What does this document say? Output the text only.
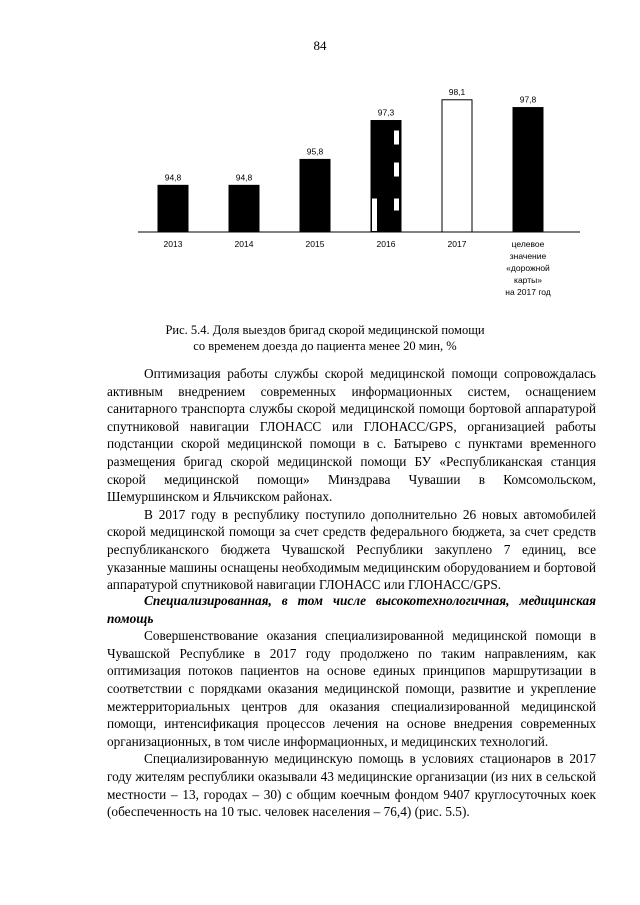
84
94,8
2013
94,8
2014
95,8
2015
97,3
2016
98,1
2017
97,8
целевое
значение
«дорожной
карты»
на 2017 год
Рис. 5.4. Доля выездов бригад скорой медицинской помощи
со временем доезда до пациента менее 20 мин, %

Оптимизация работы службы скорой медицинской помощи сопровождалась активным внедрением современных информационных систем, оснащением санитарного транспорта службы скорой медицинской помощи бортовой аппаратурой спутниковой навигации ГЛОНАСС или ГЛОНАСС/GPS, организацией работы подстанции скорой медицинской помощи в с. Батырево с пунктами временного размещения бригад скорой медицинской помощи БУ «Республиканская станция скорой медицинской помощи» Минздрава Чувашии в Комсомольском, Шемуршинском и Яльчикском районах.

В 2017 году в республику поступило дополнительно 26 новых автомобилей скорой медицинской помощи за счет средств федерального бюджета, за счет средств республиканского бюджета Чувашской Республики закуплено 7 единиц, все указанные машины оснащены необходимым медицинским оборудованием и бортовой аппаратурой спутниковой навигации ГЛОНАСС или ГЛОНАСС/GPS.

Специализированная, в том числе высокотехнологичная, медицинская помощь

Совершенствование оказания специализированной медицинской помощи в Чувашской Республике в 2017 году продолжено по таким направлениям, как оптимизация потоков пациентов на основе единых принципов маршрутизации в соответствии с порядками оказания медицинской помощи, развитие и укрепление межтерриториальных центров для оказания специализированной медицинской помощи, интенсификация процессов лечения на основе внедрения современных организационных, в том числе информационных, и медицинских технологий.

Специализированную медицинскую помощь в условиях стационаров в 2017 году жителям республики оказывали 43 медицинские организации (из них в сельской местности – 13, городах – 30) с общим коечным фондом 9407 круглосуточных коек (обеспеченность на 10 тыс. человек населения – 76,4) (рис. 5.5).
